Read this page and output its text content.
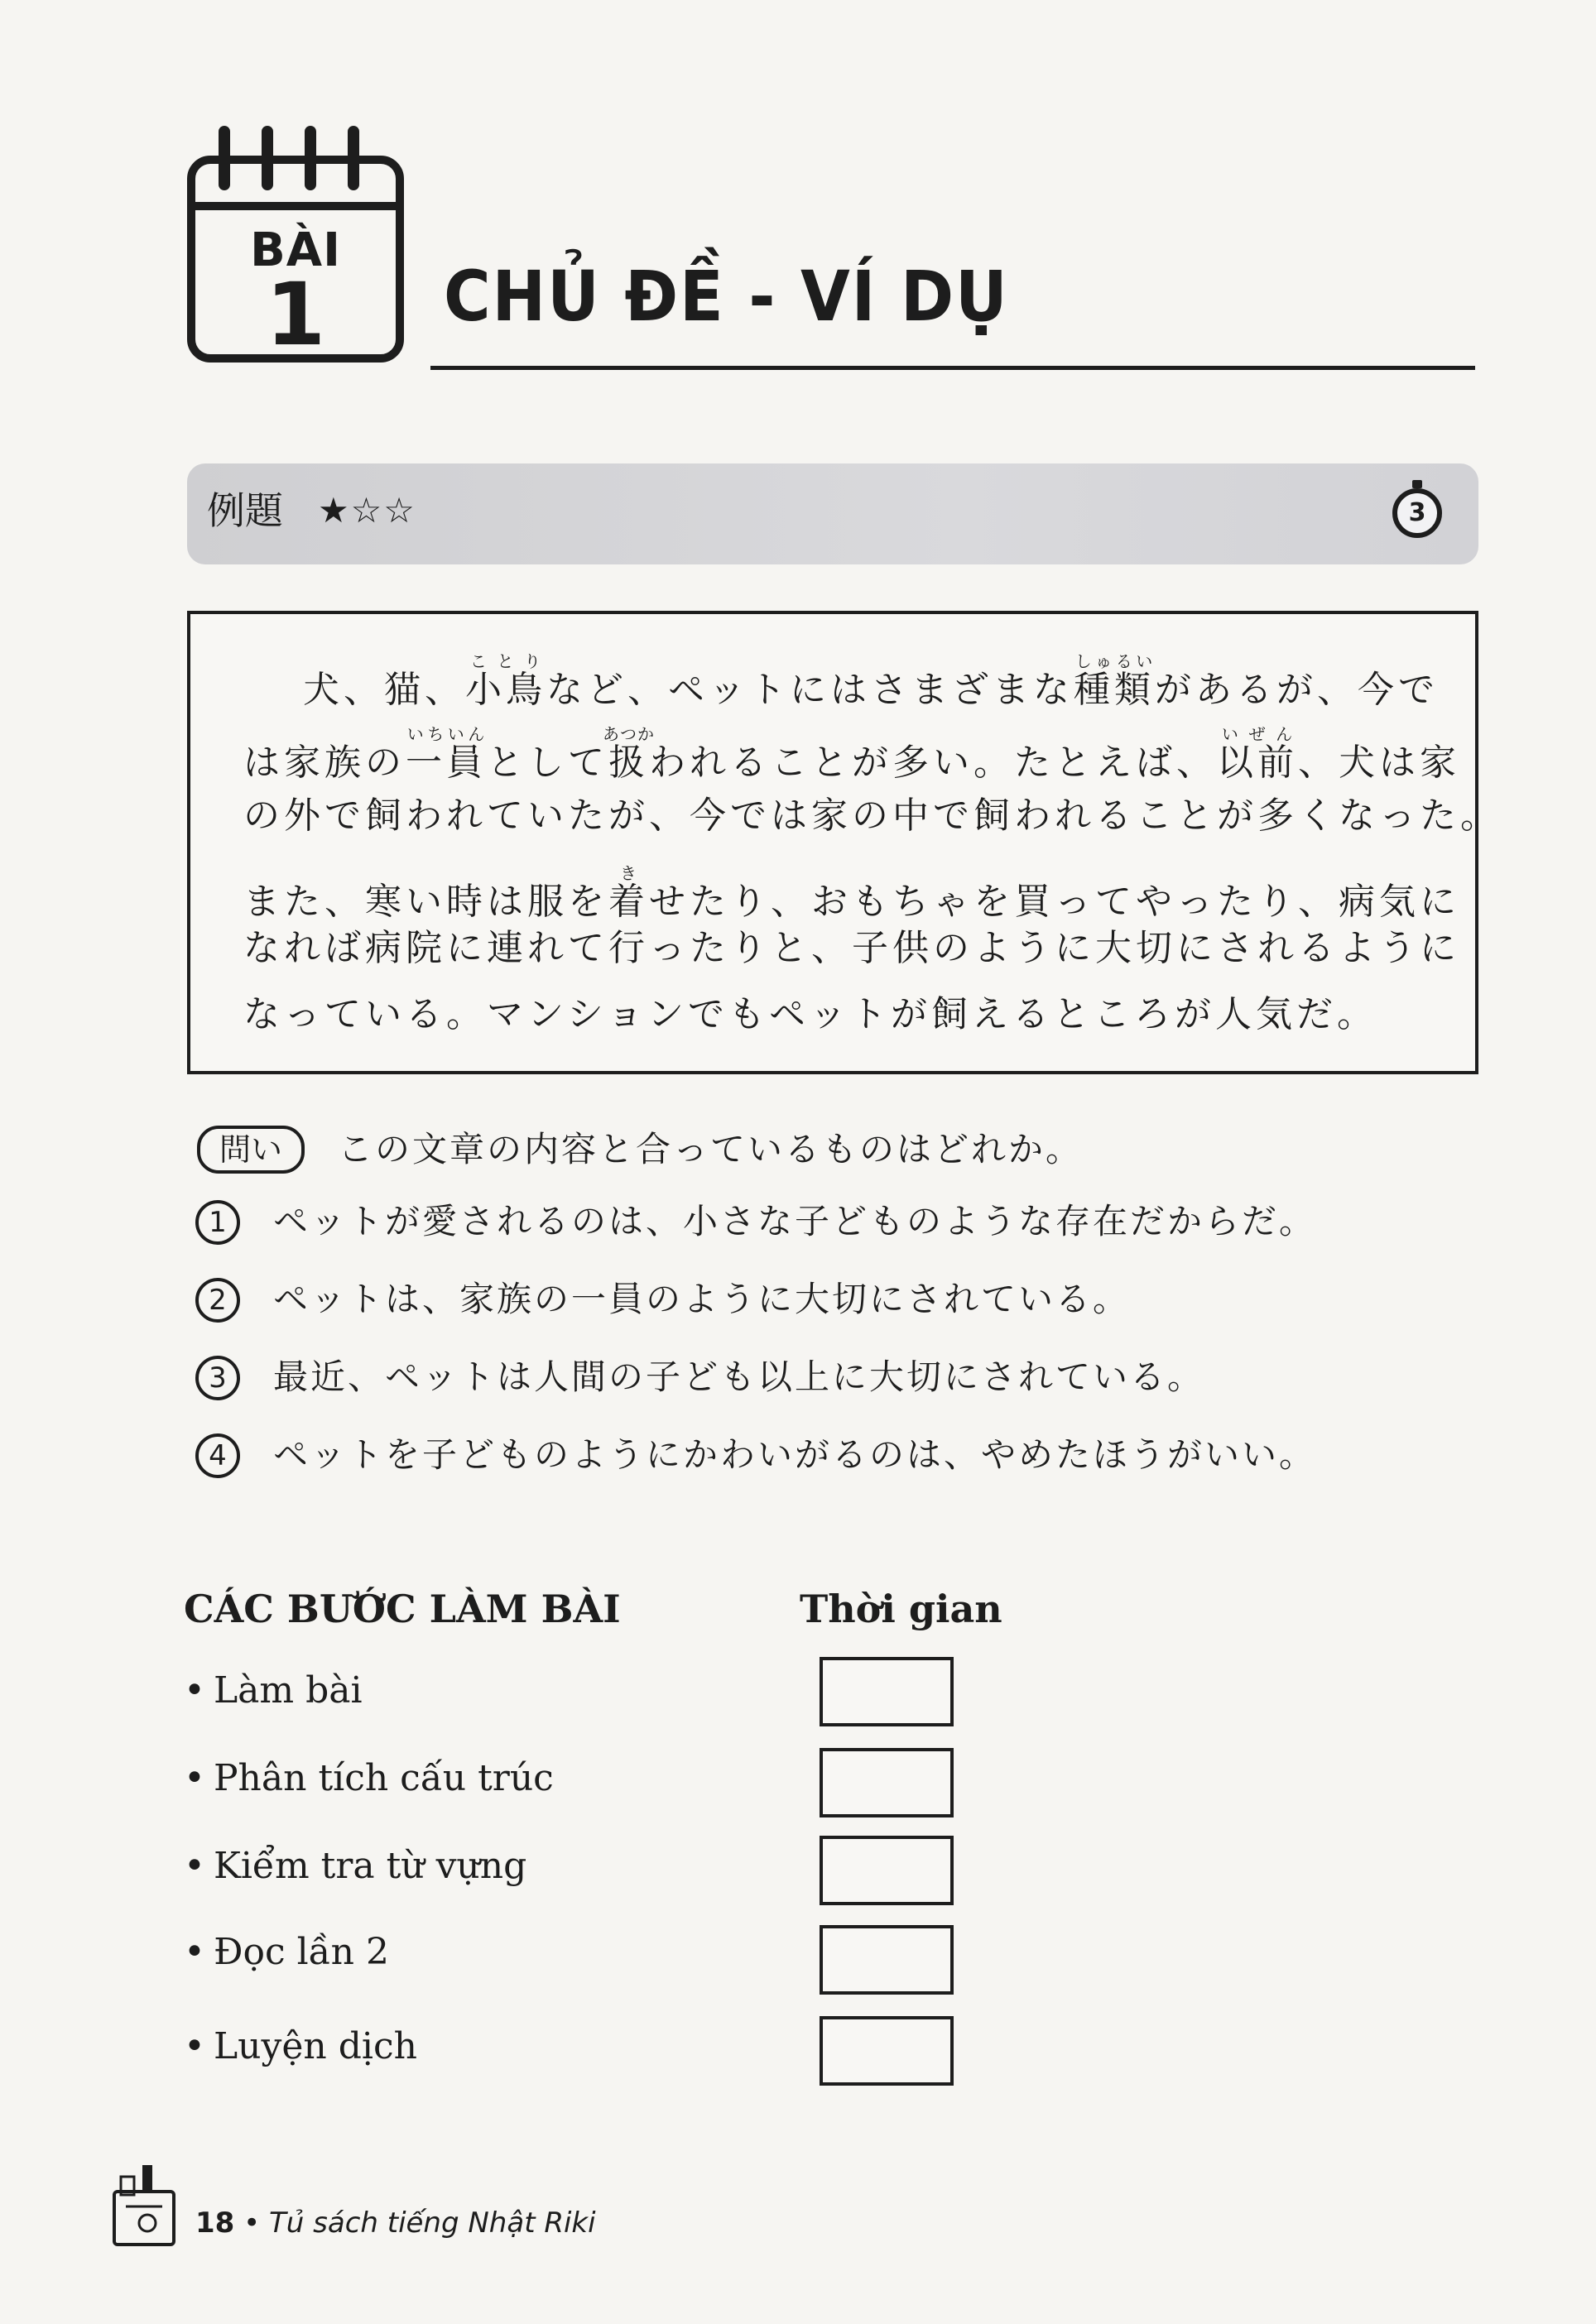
BÀI
1	CHỦ ĐỀ - VÍ DỤ
例題 ★☆☆	3
犬、猫、小鳥ことりなど、ペットにはさまざまな種類しゅるいがあるが、今で
は家族の一員いちいんとして扱あつかわれることが多い。たとえば、以前いぜん、犬は家
の外で飼われていたが、今では家の中で飼われることが多くなった。
また、寒い時は服を着きせたり、おもちゃを買ってやったり、病気に
なれば病院に連れて行ったりと、子供のように大切にされるように
なっている。マンションでもペットが飼えるところが人気だ。
問い	この文章の内容と合っているものはどれか。
1	ペットが愛されるのは、小さな子どものような存在だからだ。
2	ペットは、家族の一員のように大切にされている。
3	最近、ペットは人間の子ども以上に大切にされている。
4	ペットを子どものようにかわいがるのは、やめたほうがいい。
CÁC BƯỚC LÀM BÀI	Thời gian
• Làm bài
• Phân tích cấu trúc
• Kiểm tra từ vựng
• Đọc lần 2
• Luyện dịch
18 • Tủ sách tiếng Nhật Riki
